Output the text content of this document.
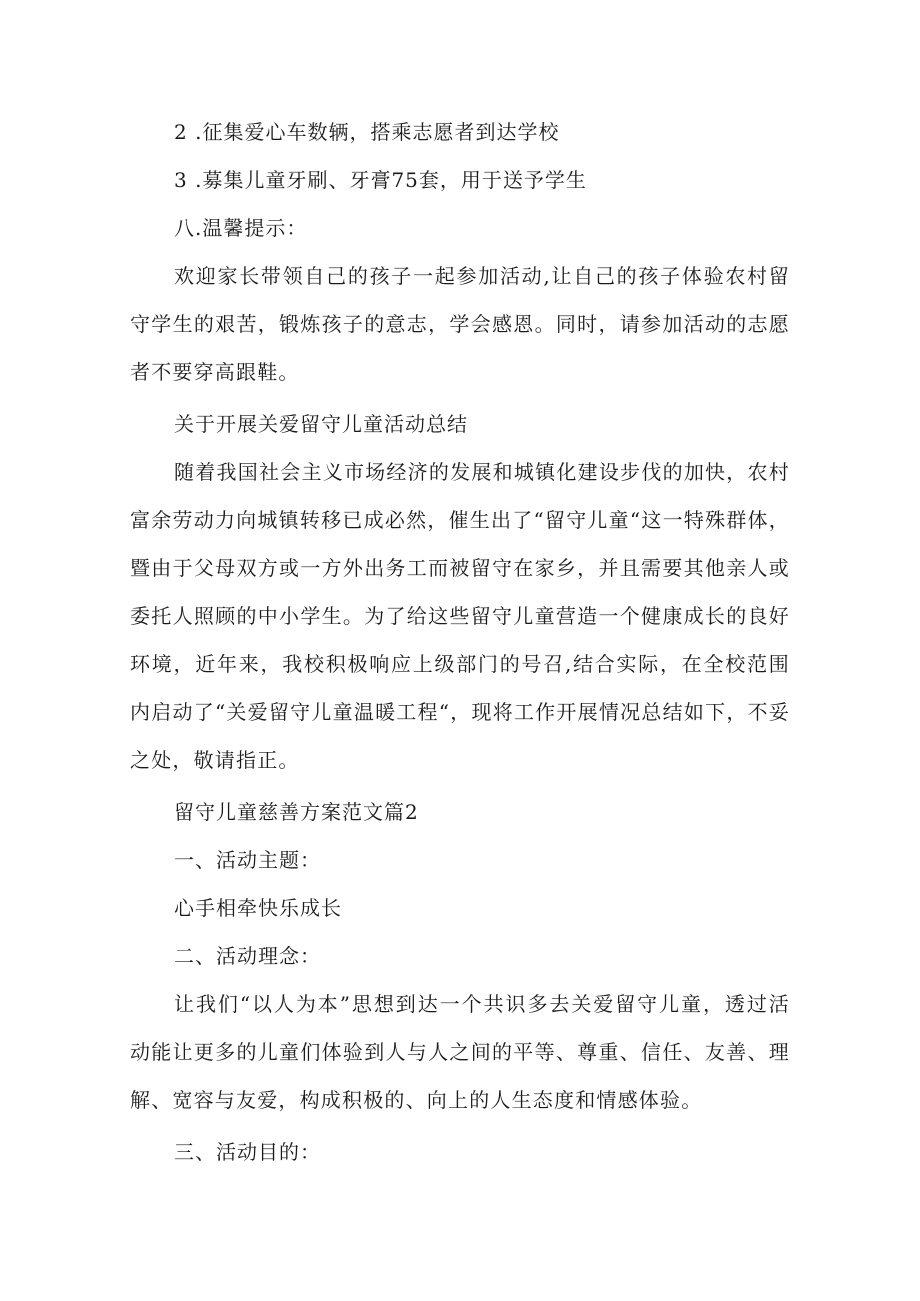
2 .征集爱心车数辆，搭乘志愿者到达学校

3 .募集儿童牙刷、牙膏75套，用于送予学生

八.温馨提示：

欢迎家长带领自己的孩子一起参加活动,让自己的孩子体验农村留守学生的艰苦，锻炼孩子的意志，学会感恩。同时，请参加活动的志愿者不要穿高跟鞋。

关于开展关爱留守儿童活动总结

随着我国社会主义市场经济的发展和城镇化建设步伐的加快，农村富余劳动力向城镇转移已成必然，催生出了“留守儿童“这一特殊群体，暨由于父母双方或一方外出务工而被留守在家乡，并且需要其他亲人或委托人照顾的中小学生。为了给这些留守儿童营造一个健康成长的良好环境，近年来，我校积极响应上级部门的号召,结合实际，在全校范围内启动了“关爱留守儿童温暖工程“，现将工作开展情况总结如下，不妥之处，敬请指正。

留守儿童慈善方案范文篇2

一、活动主题：

心手相牵快乐成长

二、活动理念：

让我们“以人为本”思想到达一个共识多去关爱留守儿童，透过活动能让更多的儿童们体验到人与人之间的平等、尊重、信任、友善、理解、宽容与友爱，构成积极的、向上的人生态度和情感体验。

三、活动目的：
